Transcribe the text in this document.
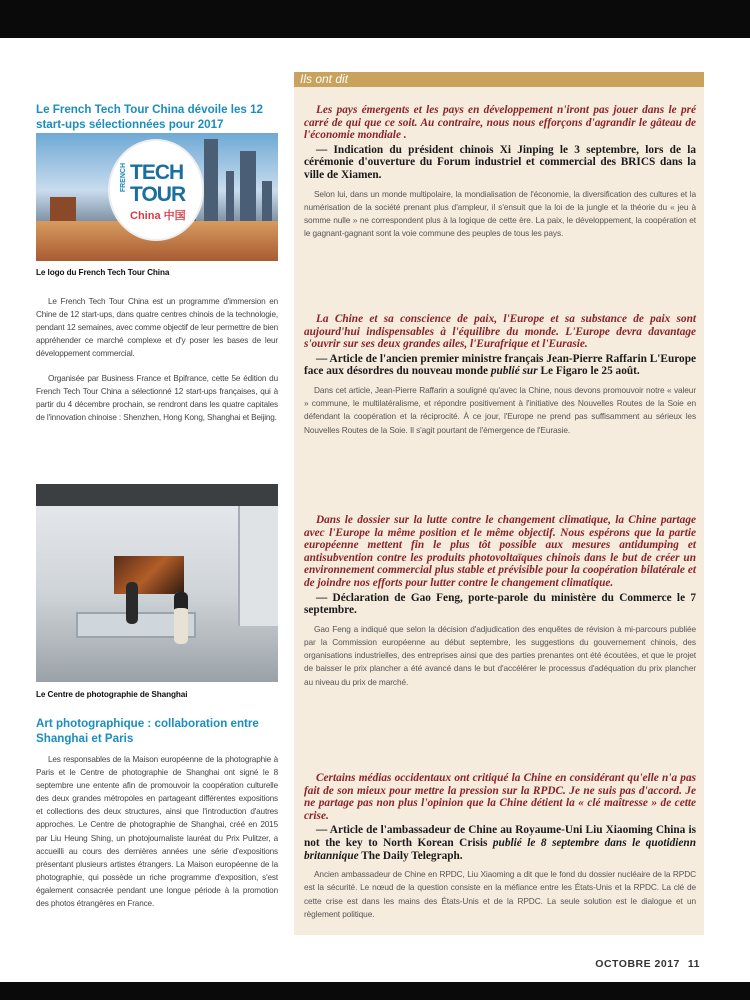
Le French Tech Tour China dévoile les 12 start-ups sélectionnées pour 2017
FRENCH TECH
TOUR
China 中国
Le logo du French Tech Tour China
Le French Tech Tour China est un programme d'immersion en Chine de 12 start-ups, dans quatre centres chinois de la technologie, pendant 12 semaines, avec comme objectif de leur permettre de bien appréhender ce marché complexe et d'y poser les bases de leur développement commercial.
Organisée par Business France et Bpifrance, cette 5e édition du French Tech Tour China a sélectionné 12 start-ups françaises, qui à partir du 4 décembre prochain, se rendront dans les quatre capitales de l'innovation chinoise : Shenzhen, Hong Kong, Shanghai et Beijing.
Le Centre de photographie de Shanghai
Art photographique : collaboration entre Shanghai et Paris
Les responsables de la Maison européenne de la photographie à Paris et le Centre de photographie de Shanghai ont signé le 8 septembre une entente afin de promouvoir la coopération culturelle des deux grandes métropoles en partageant différentes expositions et collections des deux structures, ainsi que l'introduction d'autres approches. Le Centre de photographie de Shanghai, créé en 2015 par Liu Heung Shing, un photojournaliste lauréat du Prix Pulitzer, a accueilli au cours des dernières années une série d'expositions présentant plusieurs artistes étrangers. La Maison européenne de la photographie, qui possède un riche programme d'exposition, s'est également consacrée pendant une longue période à la promotion des photos étrangères en France.
Ils ont dit

Les pays émergents et les pays en développement n'iront pas jouer dans le pré carré de qui que ce soit. Au contraire, nous nous efforçons d'agrandir le gâteau de l'économie mondiale .

— Indication du président chinois Xi Jinping le 3 septembre, lors de la cérémonie d'ouverture du Forum industriel et commercial des BRICS dans la ville de Xiamen.

Selon lui, dans un monde multipolaire, la mondialisation de l'économie, la diversification des cultures et la numérisation de la société prenant plus d'ampleur, il s'ensuit que la loi de la jungle et la théorie du « jeu à somme nulle » ne correspondent plus à la logique de cette ère. La paix, le développement, la coopération et le gagnant-gagnant sont la voie commune des peuples de tous les pays.

La Chine et sa conscience de paix, l'Europe et sa substance de paix sont aujourd'hui indispensables à l'équilibre du monde. L'Europe devra davantage s'ouvrir sur ses deux grandes ailes, l'Eurafrique et l'Eurasie.

— Article de l'ancien premier ministre français Jean-Pierre Raffarin L'Europe face aux désordres du nouveau monde publié sur Le Figaro le 25 août.

Dans cet article, Jean-Pierre Raffarin a souligné qu'avec la Chine, nous devons promouvoir notre « valeur » commune, le multilatéralisme, et répondre positivement à l'initiative des Nouvelles Routes de la Soie en défendant la coopération et la réciprocité. À ce jour, l'Europe ne prend pas suffisamment au sérieux les Nouvelles Routes de la Soie. Il s'agit pourtant de l'émergence de l'Eurasie.

Dans le dossier sur la lutte contre le changement climatique, la Chine partage avec l'Europe la même position et le même objectif. Nous espérons que la partie européenne mettent fin le plus tôt possible aux mesures antidumping et antisubvention contre les produits photovoltaïques chinois dans le but de créer un environnement commercial plus stable et prévisible pour la coopération bilatérale et de joindre nos efforts pour lutter contre le changement climatique.

— Déclaration de Gao Feng, porte-parole du ministère du Commerce le 7 septembre.

Gao Feng a indiqué que selon la décision d'adjudication des enquêtes de révision à mi-parcours publiée par la Commission européenne au début septembre, les suggestions du gouvernement chinois, des organisations industrielles, des entreprises ainsi que des parties prenantes ont été écoutées, et que le projet de baisser le prix plancher a été avancé dans le but d'accélérer le processus d'adéquation du prix plancher au niveau du prix de marché.

Certains médias occidentaux ont critiqué la Chine en considérant qu'elle n'a pas fait de son mieux pour mettre la pression sur la RPDC. Je ne suis pas d'accord. Je ne partage pas non plus l'opinion que la Chine détient la « clé maîtresse » de cette crise.

— Article de l'ambassadeur de Chine au Royaume-Uni Liu Xiaoming China is not the key to North Korean Crisis publié le 8 septembre dans le quotidienn britannique The Daily Telegraph.

Ancien ambassadeur de Chine en RPDC, Liu Xiaoming a dit que le fond du dossier nucléaire de la RPDC est la sécurité. Le nœud de la question consiste en la méfiance entre les États-Unis et la RPDC. La clé de cette crise est dans les mains des États-Unis et de la RPDC. La seule solution est le dialogue et un règlement politique.

OCTOBRE 2017 11
